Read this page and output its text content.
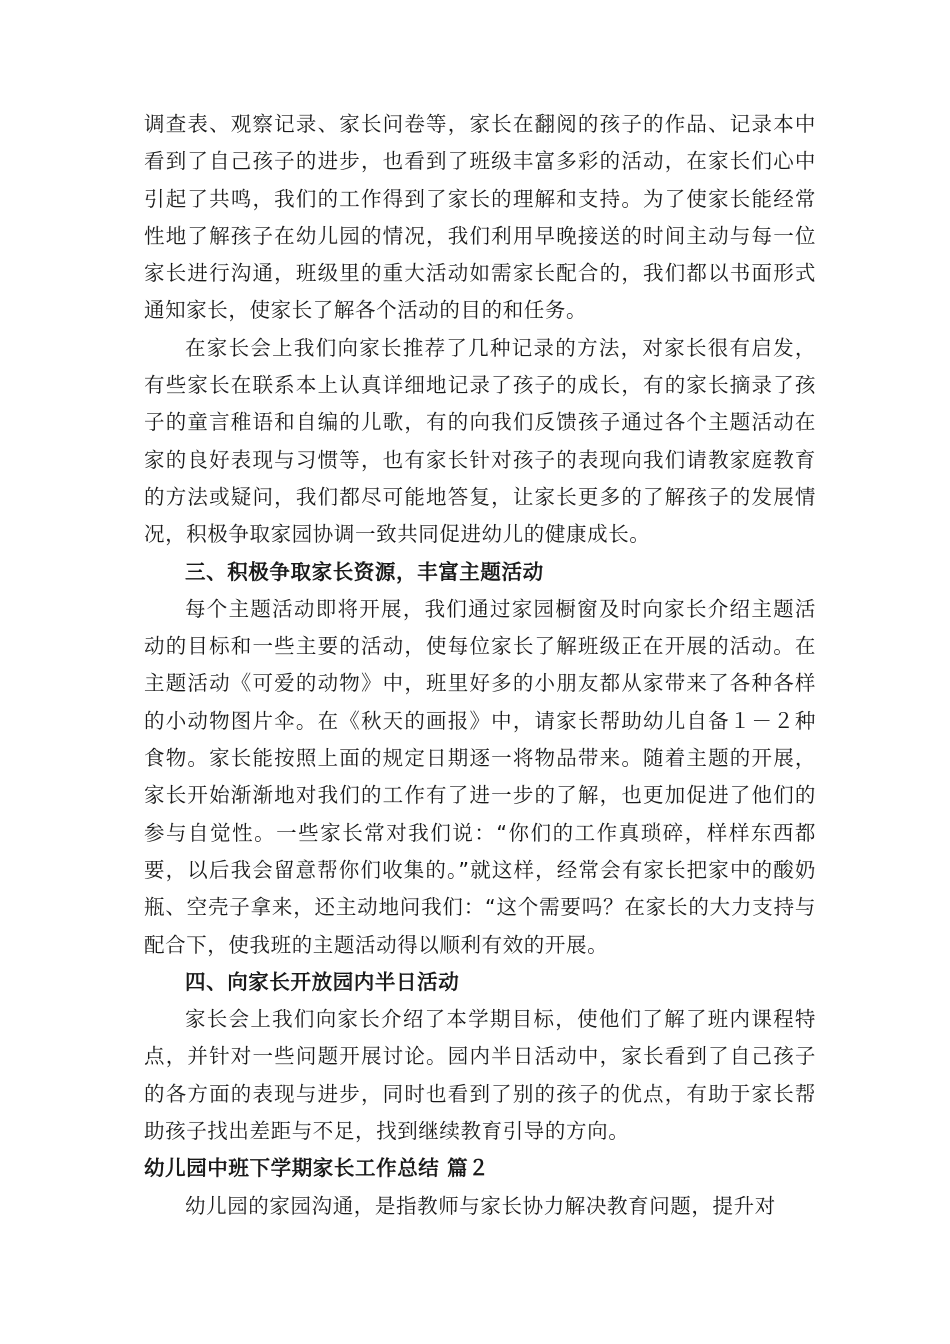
调查表、观察记录、家长问卷等，家长在翻阅的孩子的作品、记录本中看到了自己孩子的进步，也看到了班级丰富多彩的活动，在家长们心中引起了共鸣，我们的工作得到了家长的理解和支持。为了使家长能经常性地了解孩子在幼儿园的情况，我们利用早晚接送的时间主动与每一位家长进行沟通，班级里的重大活动如需家长配合的，我们都以书面形式通知家长，使家长了解各个活动的目的和任务。

在家长会上我们向家长推荐了几种记录的方法，对家长很有启发，有些家长在联系本上认真详细地记录了孩子的成长，有的家长摘录了孩子的童言稚语和自编的儿歌，有的向我们反馈孩子通过各个主题活动在家的良好表现与习惯等，也有家长针对孩子的表现向我们请教家庭教育的方法或疑问，我们都尽可能地答复，让家长更多的了解孩子的发展情况，积极争取家园协调一致共同促进幼儿的健康成长。

三、积极争取家长资源，丰富主题活动

每个主题活动即将开展，我们通过家园橱窗及时向家长介绍主题活动的目标和一些主要的活动，使每位家长了解班级正在开展的活动。在主题活动《可爱的动物》中，班里好多的小朋友都从家带来了各种各样的小动物图片伞。在《秋天的画报》中，请家长帮助幼儿自备１－２种食物。家长能按照上面的规定日期逐一将物品带来。随着主题的开展，家长开始渐渐地对我们的工作有了进一步的了解，也更加促进了他们的参与自觉性。一些家长常对我们说：“你们的工作真琐碎，样样东西都要，以后我会留意帮你们收集的。”就这样，经常会有家长把家中的酸奶瓶、空壳子拿来，还主动地问我们：“这个需要吗？在家长的大力支持与配合下，使我班的主题活动得以顺利有效的开展。

四、向家长开放园内半日活动

家长会上我们向家长介绍了本学期目标，使他们了解了班内课程特点，并针对一些问题开展讨论。园内半日活动中，家长看到了自己孩子的各方面的表现与进步，同时也看到了别的孩子的优点，有助于家长帮助孩子找出差距与不足，找到继续教育引导的方向。

幼儿园中班下学期家长工作总结 篇２

幼儿园的家园沟通，是指教师与家长协力解决教育问题，提升对
